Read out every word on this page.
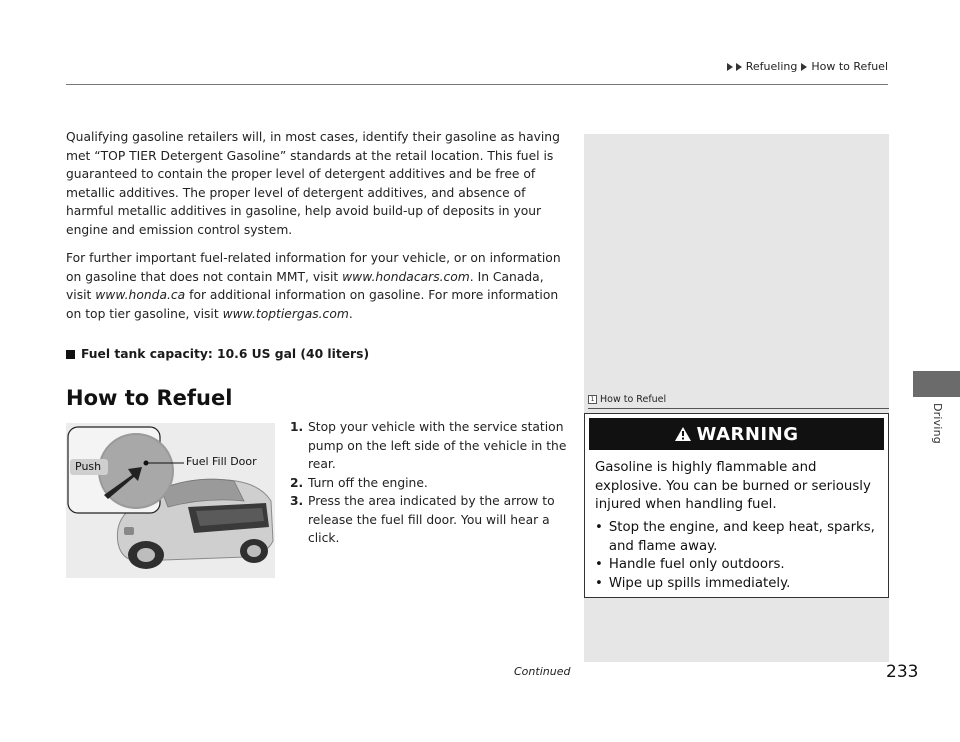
Refueling How to Refuel
Driving

Qualifying gasoline retailers will, in most cases, identify their gasoline as having met “TOP TIER Detergent Gasoline” standards at the retail location. This fuel is guaranteed to contain the proper level of detergent additives and be free of metallic additives. The proper level of detergent additives, and absence of harmful metallic additives in gasoline, help avoid build-up of deposits in your engine and emission control system.

For further important fuel-related information for your vehicle, or on information on gasoline that does not contain MMT, visit www.hondacars.com. In Canada, visit www.honda.ca for additional information on gasoline. For more information on top tier gasoline, visit www.toptiergas.com.

Fuel tank capacity: 10.6 US gal (40 liters)
How to Refuel
Push	Fuel Fill Door
1. Stop your vehicle with the service station pump on the left side of the vehicle in the rear.
2. Turn off the engine.
3. Press the area indicated by the arrow to release the fuel fill door. You will hear a click.
1 How to Refuel
WARNING

Gasoline is highly flammable and explosive. You can be burned or seriously injured when handling fuel.

• Stop the engine, and keep heat, sparks, and flame away.
• Handle fuel only outdoors.
• Wipe up spills immediately.
Continued	233
